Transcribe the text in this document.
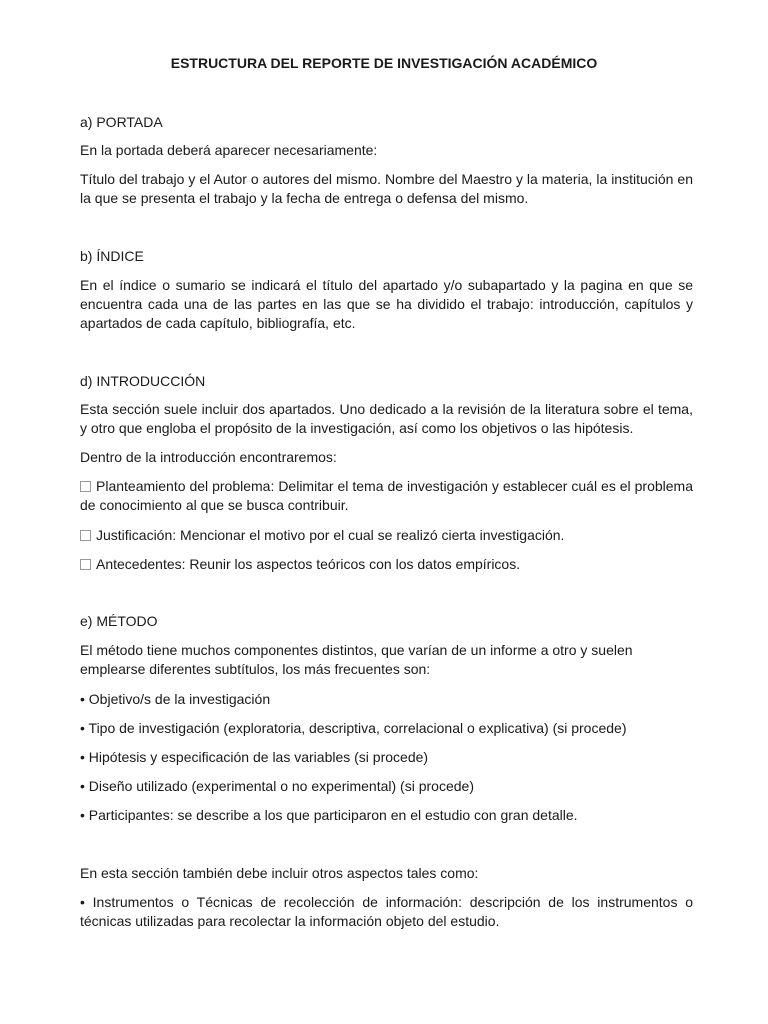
ESTRUCTURA DEL REPORTE DE INVESTIGACIÓN ACADÉMICO

a) PORTADA

En la portada deberá aparecer necesariamente:

Título del trabajo y el Autor o autores del mismo. Nombre del Maestro y la materia, la institución en la que se presenta el trabajo y la fecha de entrega o defensa del mismo.

b) ÍNDICE

En el índice o sumario se indicará el título del apartado y/o subapartado y la pagina en que se encuentra cada una de las partes en las que se ha dividido el trabajo: introducción, capítulos y apartados de cada capítulo, bibliografía, etc.

d) INTRODUCCIÓN

Esta sección suele incluir dos apartados. Uno dedicado a la revisión de la literatura sobre el tema, y otro que engloba el propósito de la investigación, así como los objetivos o las hipótesis.

Dentro de la introducción encontraremos:

Planteamiento del problema: Delimitar el tema de investigación y establecer cuál es el problema de conocimiento al que se busca contribuir.

Justificación: Mencionar el motivo por el cual se realizó cierta investigación.

Antecedentes: Reunir los aspectos teóricos con los datos empíricos.

e) MÉTODO

El método tiene muchos componentes distintos, que varían de un informe a otro y suelen emplearse diferentes subtítulos, los más frecuentes son:

• Objetivo/s de la investigación

• Tipo de investigación (exploratoria, descriptiva, correlacional o explicativa) (si procede)

• Hipótesis y especificación de las variables (si procede)

• Diseño utilizado (experimental o no experimental) (si procede)

• Participantes: se describe a los que participaron en el estudio con gran detalle.

En esta sección también debe incluir otros aspectos tales como:

• Instrumentos o Técnicas de recolección de información: descripción de los instrumentos o técnicas utilizadas para recolectar la información objeto del estudio.
